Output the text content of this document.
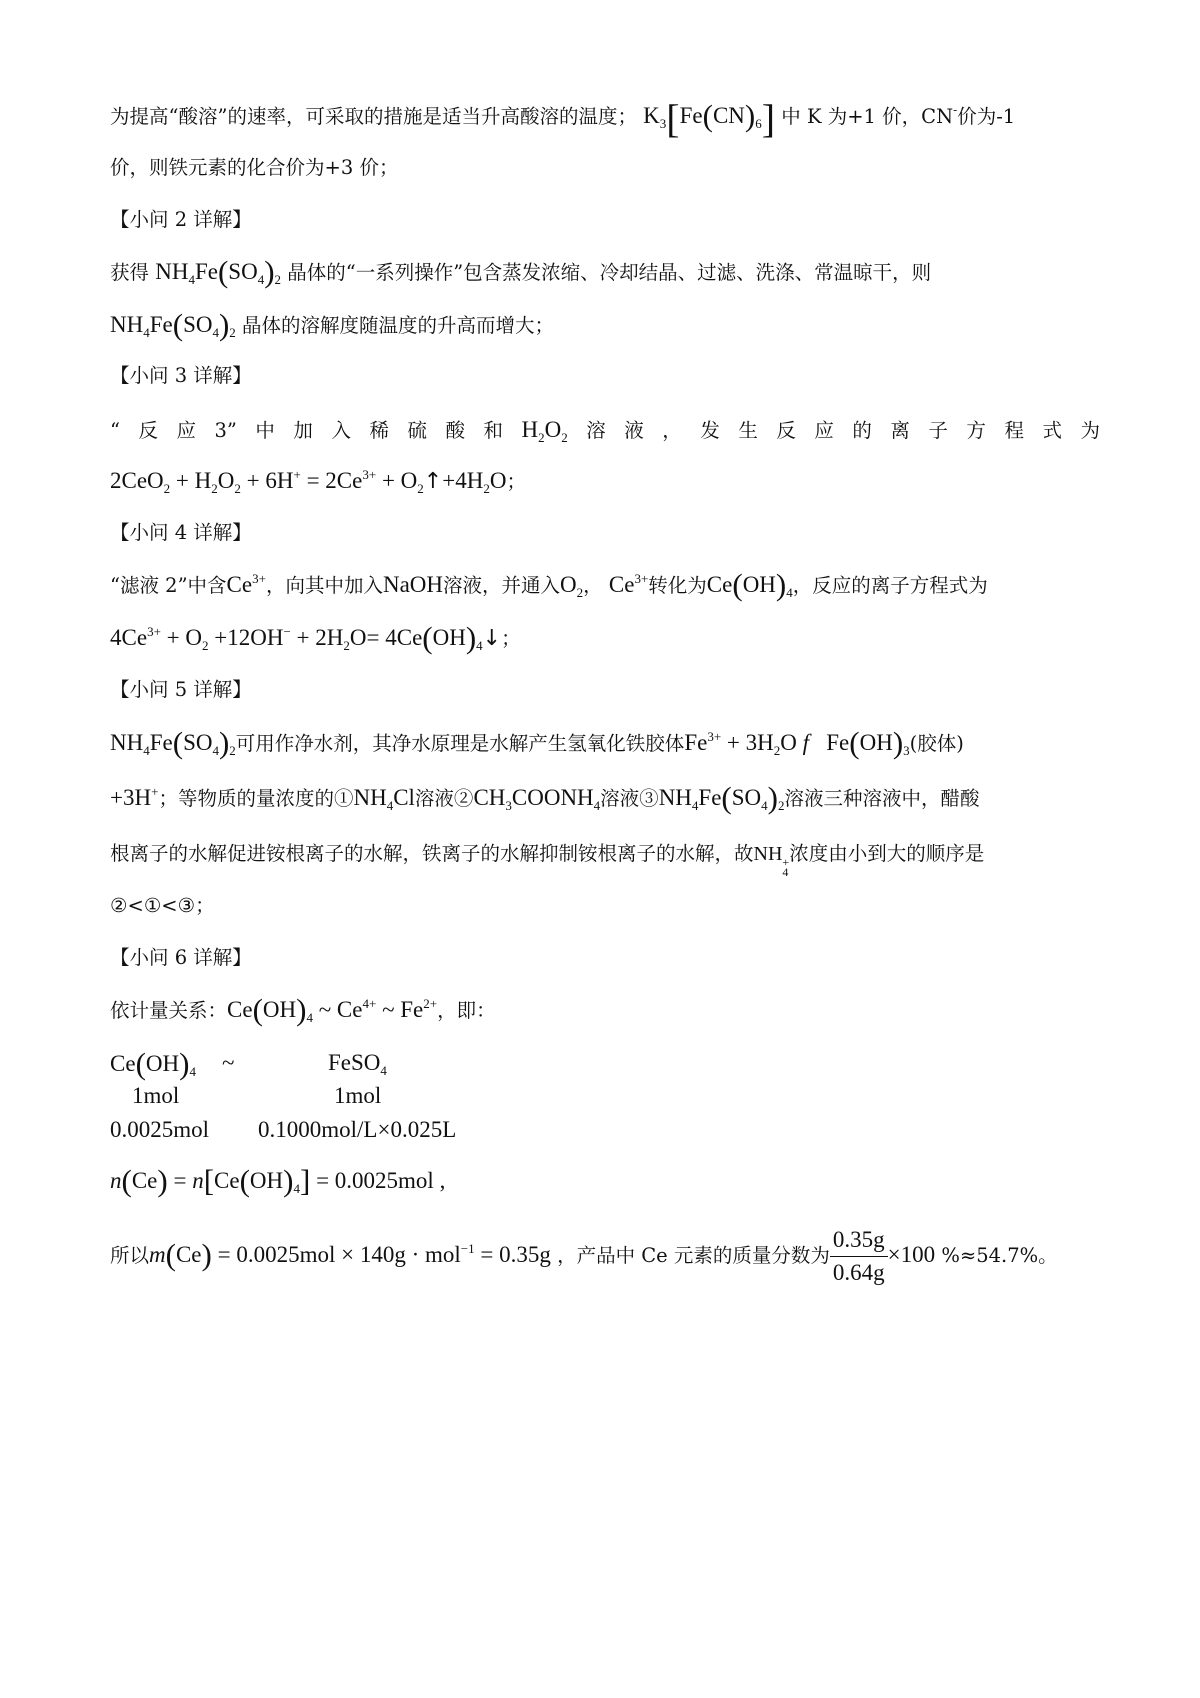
为提高“酸溶”的速率，可采取的措施是适当升高酸溶的温度； $K_3[Fe(CN)_6]$ 中 K 为+1 价，CN-价为-1
价，则铁元素的化合价为+3 价；
【小问 2 详解】
获得 $NH_4Fe(SO_4)_2$ 晶体的“一系列操作”包含蒸发浓缩、冷却结晶、过滤、洗涤、常温晾干，则
$NH_4Fe(SO_4)_2$ 晶体的溶解度随温度的升高而增大；
【小问 3 详解】
“ 反 应 3” 中 加 入 稀 硫 酸 和 $H_2O_2$ 溶 液 ， 发 生 反 应 的 离 子 方 程 式 为
$2CeO_2 + H_2O_2 + 6H^+ = 2Ce^{3+}$ + $O_2↑+4H_2O$；
【小问 4 详解】
“滤液 2”中含$Ce^{3+}$，向其中加入NaOH溶液，并通入$O_2$， $Ce^{3+}$转化为$Ce(OH)_4$，反应的离子方程式为
$4Ce^{3+} + O_2 +12OH^- + 2H_2O=$ $4Ce(OH)_4↓$；
【小问 5 详解】
$NH_4Fe(SO_4)_2$可用作净水剂，其净水原理是水解产生氢氧化铁胶体$Fe^{3+} + 3H_2O$ f $Fe(OH)_3$(胶体)
+3H+；等物质的量浓度的$①NH_4Cl$溶液$②CH_3COONH_4$溶液$③NH_4Fe(SO_4)_2$溶液三种溶液中，醋酸
根离子的水解促进铵根离子的水解，铁离子的水解抑制铵根离子的水解，故NH +
4
浓度由小到大的顺序是
②<①<③；
【小问 6 详解】
依计量关系：$Ce(OH)_4$ ~ $Ce^{4+}$ ~ $Fe^{2+}$，即：
$Ce(OH)_4$ ~	FeSO$_4$
1mol	1mol
0.0025mol 0.1000mol/L×0.025L
$n(Ce) = n[Ce(OH)_4] = 0.0025mol$ ,
所以m(Ce) = 0.0025mol × 140g · mol$^{-1}$ = 0.35g ，产品中 Ce 元素的质量分数为 $\frac{0.35g}{0.64g} \times 100$ %≈54.7%。
